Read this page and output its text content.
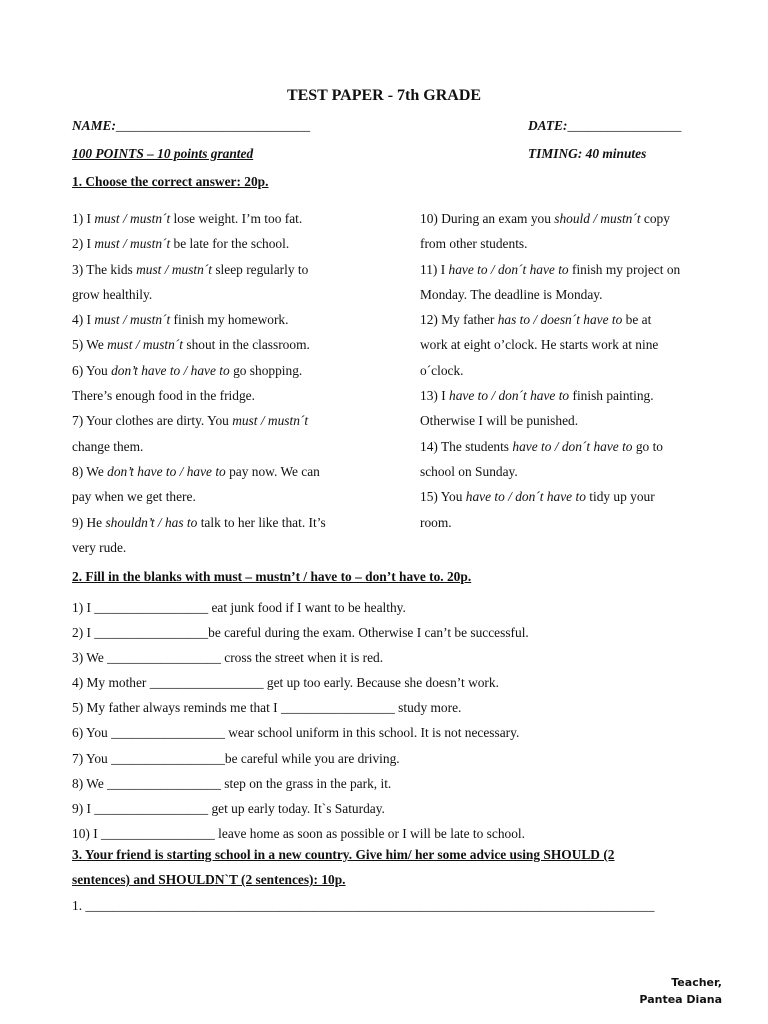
TEST PAPER - 7th GRADE
NAME:_____________________________	DATE:_________________
100 POINTS – 10 points granted	TIMING: 40 minutes
1. Choose the correct answer: 20p.
1) I must / mustn´t lose weight. I’m too fat.
2) I must / mustn´t be late for the school.
3) The kids must / mustn´t sleep regularly to
grow healthily.
4) I must / mustn´t finish my homework.
5) We must / mustn´t shout in the classroom.
6) You don’t have to / have to go shopping.
There’s enough food in the fridge.
7) Your clothes are dirty. You must / mustn´t
change them.
8) We don’t have to / have to pay now. We can
pay when we get there.
9) He shouldn’t / has to talk to her like that. It’s
very rude.
10) During an exam you should / mustn´t copy
from other students.
11) I have to / don´t have to finish my project on
Monday. The deadline is Monday.
12) My father has to / doesn´t have to be at
work at eight o’clock. He starts work at nine
o´clock.
13) I have to / don´t have to finish painting.
Otherwise I will be punished.
14) The students have to / don´t have to go to
school on Sunday.
15) You have to / don´t have to tidy up your
room.
2. Fill in the blanks with must – mustn’t / have to – don’t have to. 20p.
1) I _________________ eat junk food if I want to be healthy.
2) I _________________be careful during the exam. Otherwise I can’t be successful.
3) We _________________ cross the street when it is red.
4) My mother _________________ get up too early. Because she doesn’t work.
5) My father always reminds me that I _________________ study more.
6) You _________________ wear school uniform in this school. It is not necessary.
7) You _________________be careful while you are driving.
8) We _________________ step on the grass in the park, it.
9) I _________________ get up early today. It`s Saturday.
10) I _________________ leave home as soon as possible or I will be late to school.
3. Your friend is starting school in a new country. Give him/ her some advice using SHOULD (2
sentences) and SHOULDN`T (2 sentences): 10p.
1. _____________________________________________________________________________________
Teacher,
Pantea Diana
